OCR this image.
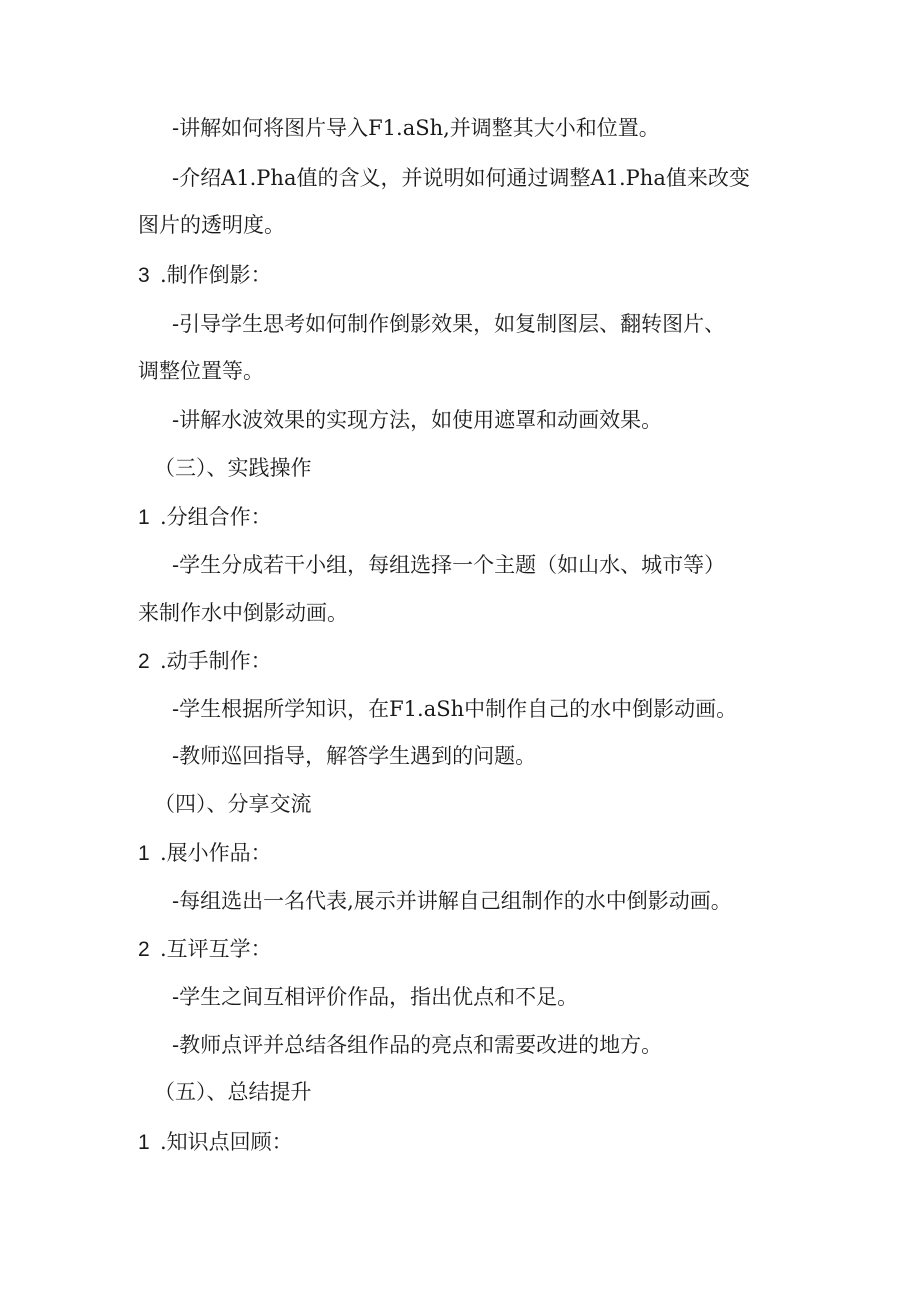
-讲解如何将图片导入F1.aSh,并调整其大小和位置。
-介绍A1.Pha值的含义，并说明如何通过调整A1.Pha值来改变
图片的透明度。
3 .制作倒影：
-引导学生思考如何制作倒影效果，如复制图层、翻转图片、
调整位置等。
-讲解水波效果的实现方法，如使用遮罩和动画效果。
（三）、实践操作
1 .分组合作：
-学生分成若干小组，每组选择一个主题（如山水、城市等）
来制作水中倒影动画。
2 .动手制作：
-学生根据所学知识，在F1.aSh中制作自己的水中倒影动画。
-教师巡回指导，解答学生遇到的问题。
（四）、分享交流
1 .展小作品：
-每组选出一名代表,展示并讲解自己组制作的水中倒影动画。
2 .互评互学：
-学生之间互相评价作品，指出优点和不足。
-教师点评并总结各组作品的亮点和需要改进的地方。
（五）、总结提升
1 .知识点回顾：
